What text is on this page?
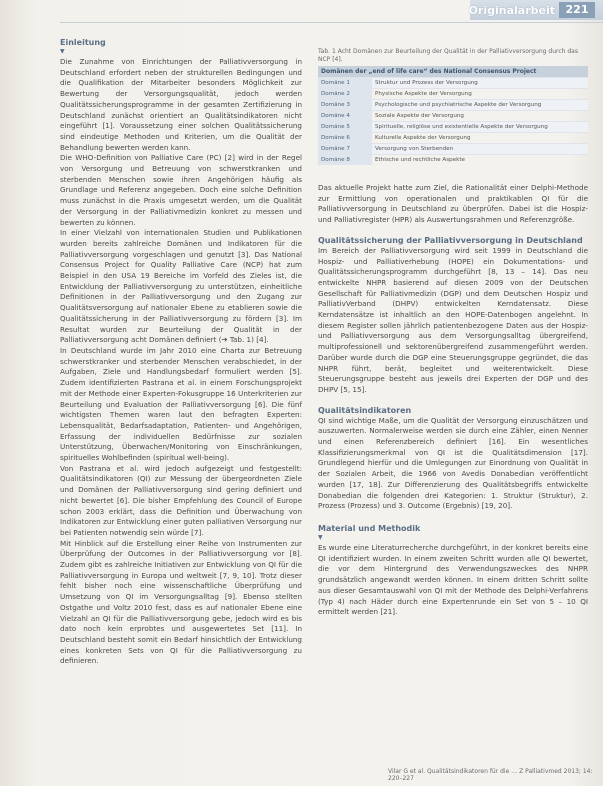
Originalarbeit 221
Einleitung
▼

Die Zunahme von Einrichtungen der Palliativversorgung in Deutschland erfordert neben der strukturellen Bedingungen und die Qualifikation der Mitarbeiter besonders Möglichkeit zur Bewertung der Versorgungsqualität, jedoch werden Qualitätssicherungsprogramme in der gesamten Zertifizierung in Deutschland zunächst orientiert an Qualitätsindikatoren nicht eingeführt [1]. Voraussetzung einer solchen Qualitätssicherung sind eindeutige Methoden und Kriterien, um die Qualität der Behandlung bewerten werden kann.
Die WHO-Definition von Palliative Care (PC) [2] wird in der Regel von Versorgung und Betreuung von schwerstkranken und sterbenden Menschen sowie ihren Angehörigen häufig als Grundlage und Referenz angegeben. Doch eine solche Definition muss zunächst in die Praxis umgesetzt werden, um die Qualität der Versorgung in der Palliativmedizin konkret zu messen und bewerten zu können.

In einer Vielzahl von internationalen Studien und Publikationen wurden bereits zahlreiche Domänen und Indikatoren für die Palliativversorgung vorgeschlagen und genutzt [3]. Das National Consensus Project for Quality Palliative Care (NCP) hat zum Beispiel in den USA 19 Bereiche im Vorfeld des Zieles ist, die Entwicklung der Palliativversorgung zu unterstützen, einheitliche Definitionen in der Palliativversorgung und den Zugang zur Qualitätsversorgung auf nationaler Ebene zu etablieren sowie die Qualitätssicherung in der Palliativversorgung zu fördern [3]. Im Resultat wurden zur Beurteilung der Qualität in der Palliativversorgung acht Domänen definiert (➔ Tab. 1) [4].
In Deutschland wurde im Jahr 2010 eine Charta zur Betreuung schwerstkranker und sterbender Menschen verabschiedet, in der Aufgaben, Ziele und Handlungsbedarf formuliert werden [5]. Zudem identifizierten Pastrana et al. in einem Forschungsprojekt mit der Methode einer Experten-Fokusgruppe 16 Unterkriterien zur Beurteilung und Evaluation der Palliativversorgung [6]. Die fünf wichtigsten Themen waren laut den befragten Experten: Lebensqualität, Bedarfsadaptation, Patienten- und Angehörigen, Erfassung der individuellen Bedürfnisse zur sozialen Unterstützung, Überwachen/Monitoring von Einschränkungen, spirituelles Wohlbefinden (spiritual well-being).
Von Pastrana et al. wird jedoch aufgezeigt und festgestellt: Qualitätsindikatoren (QI) zur Messung der übergeordneten Ziele und Domänen der Palliativversorgung sind gering definiert und nicht bewertet [6]. Die bisher Empfehlung des Council of Europe schon 2003 erklärt, dass die Definition und Überwachung von Indikatoren zur Entwicklung einer guten palliativen Versorgung nur bei Patienten notwendig sein würde [7].
Mit Hinblick auf die Erstellung einer Reihe von Instrumenten zur Überprüfung der Outcomes in der Palliativversorgung vor [8]. Zudem gibt es zahlreiche Initiativen zur Entwicklung von QI für die Palliativversorgung in Europa und weltweit [7, 9, 10]. Trotz dieser fehlt bisher noch eine wissenschaftliche Überprüfung und Umsetzung von QI im Versorgungsalltag [9]. Ebenso stellten Ostgathe und Voltz 2010 fest, dass es auf nationaler Ebene eine Vielzahl an QI für die Palliativversorgung gebe, jedoch wird es bis dato noch kein erprobtes und ausgewertetes Set [11]. In Deutschland besteht somit ein Bedarf hinsichtlich der Entwicklung eines konkreten Sets von QI für die Palliativversorgung zu definieren.

Tab. 1 Acht Domänen zur Beurteilung der Qualität in der Palliativversorgung durch das NCP [4].
Domänen der „end of life care“ des National Consensus Project	
Domäne 1	Struktur und Prozess der Versorgung
Domäne 2	Physische Aspekte der Versorgung
Domäne 3	Psychologische und psychiatrische Aspekte der Versorgung
Domäne 4	Soziale Aspekte der Versorgung
Domäne 5	Spirituelle, religiöse und existentielle Aspekte der Versorgung
Domäne 6	Kulturelle Aspekte der Versorgung
Domäne 7	Versorgung von Sterbenden
Domäne 8	Ethische und rechtliche Aspekte

Das aktuelle Projekt hatte zum Ziel, die Rationalität einer Delphi-Methode zur Ermittlung von operationalen und praktikablen QI für die Palliativversorgung in Deutschland zu überprüfen. Dabei ist die Hospiz- und Palliativregister (HPR) als Auswertungsrahmen und Referenzgröße.

Qualitätssicherung der Palliativversorgung in Deutschland

Im Bereich der Palliativversorgung wird seit 1999 in Deutschland die Hospiz- und Palliativerhebung (HOPE) ein Dokumentations- und Qualitätssicherungsprogramm durchgeführt [8, 13 – 14]. Das neu entwickelte NHPR basierend auf diesen 2009 von der Deutschen Gesellschaft für Palliativmedizin (DGP) und dem Deutschen Hospiz und PalliativVerband (DHPV) entwickelten Kerndatensatz. Diese Kerndatensätze ist inhaltlich an den HOPE-Datenbogen angelehnt. In diesem Register sollen jährlich patientenbezogene Daten aus der Hospiz- und Palliativversorgung aus dem Versorgungsalltag übergreifend, multiprofessionell und sektorenübergreifend zusammengeführt werden. Darüber wurde durch die DGP eine Steuerungsgruppe gegründet, die das NHPR führt, berät, begleitet und weiterentwickelt. Diese Steuerungsgruppe besteht aus jeweils drei Experten der DGP und des DHPV [5, 15].

Qualitätsindikatoren

QI sind wichtige Maße, um die Qualität der Versorgung einzuschätzen und auszuwerten. Normalerweise werden sie durch eine Zähler, einen Nenner und einen Referenzbereich definiert [16]. Ein wesentliches Klassifizierungsmerkmal von QI ist die Qualitätsdimension [17]. Grundlegend hierfür und die Umlegungen zur Einordnung von Qualität in der Sozialen Arbeit, die 1966 von Avedis Donabedian veröffentlicht wurden [17, 18]. Zur Differenzierung des Qualitätsbegriffs entwickelte Donabedian die folgenden drei Kategorien: 1. Struktur (Struktur), 2. Prozess (Prozess) und 3. Outcome (Ergebnis) [19, 20].

Material und Methodik
▼

Es wurde eine Literaturrecherche durchgeführt, in der konkret bereits eine QI identifiziert wurden. In einem zweiten Schritt wurden alle QI bewertet, die vor dem Hintergrund des Verwendungszweckes des NHPR grundsätzlich angewandt werden können. In einem dritten Schritt sollte aus dieser Gesamtauswahl von QI mit der Methode des Delphi-Verfahrens (Typ 4) nach Häder durch eine Expertenrunde ein Set von 5 – 10 QI ermittelt werden [21].

Vilar G et al. Qualitätsindikatoren für die … Z Palliativmed 2013; 14: 220–227
